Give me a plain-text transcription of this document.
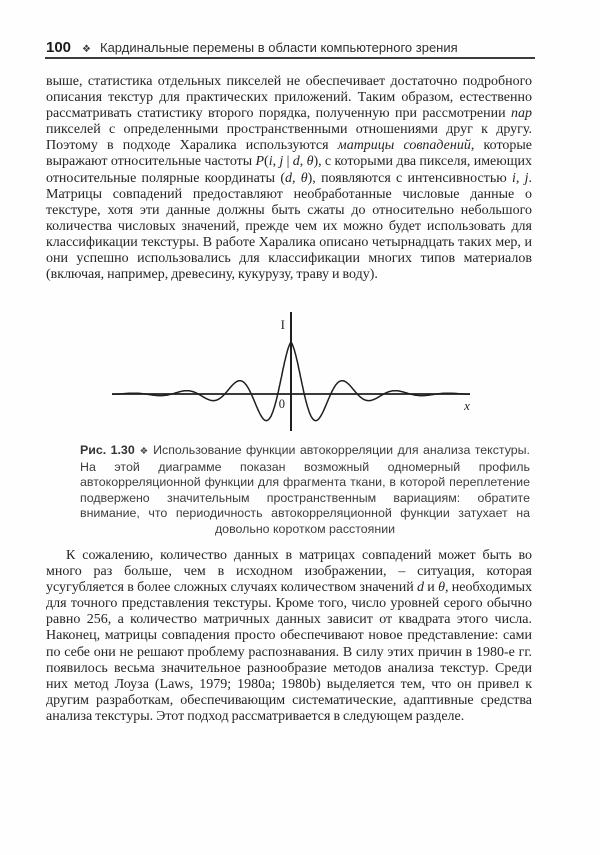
100 ❖ Кардинальные перемены в области компьютерного зрения
выше, статистика отдельных пикселей не обеспечивает достаточно подробного описания текстур для практических приложений. Таким образом, естественно рассматривать статистику второго порядка, полученную при рассмотрении пар пикселей с определенными пространственными отношениями друг к другу. Поэтому в подходе Харалика используются матрицы совпадений, которые выражают относительные частоты P(i, j | d, θ), с которыми два пикселя, имеющих относительные полярные координаты (d, θ), появляются с интенсивностью i, j. Матрицы совпадений предоставляют необработанные числовые данные о текстуре, хотя эти данные должны быть сжаты до относительно небольшого количества числовых значений, прежде чем их можно будет использовать для классификации текстуры. В работе Харалика описано четырнадцать таких мер, и они успешно использовались для классификации многих типов материалов (включая, например, древесину, кукурузу, траву и воду).
I
0	x

Рис. 1.30 ❖ Использование функции автокорреляции для анализа текстуры. На этой диаграмме показан возможный одномерный профиль автокорреляционной функции для фрагмента ткани, в которой переплетение подвержено значительным пространственным вариациям: обратите внимание, что периодичность автокорреляционной функции затухает на довольно коротком расстоянии

К сожалению, количество данных в матрицах совпадений может быть во много раз больше, чем в исходном изображении, – ситуация, которая усугубляется в более сложных случаях количеством значений d и θ, необходимых для точного представления текстуры. Кроме того, число уровней серого обычно равно 256, а количество матричных данных зависит от квадрата этого числа. Наконец, матрицы совпадения просто обеспечивают новое представление: сами по себе они не решают проблему распознавания. В силу этих причин в 1980-е гг. появилось весьма значительное разнообразие методов анализа текстур. Среди них метод Лоуза (Laws, 1979; 1980a; 1980b) выделяется тем, что он привел к другим разработкам, обеспечивающим систематические, адаптивные средства анализа текстуры. Этот подход рассматривается в следующем разделе.
